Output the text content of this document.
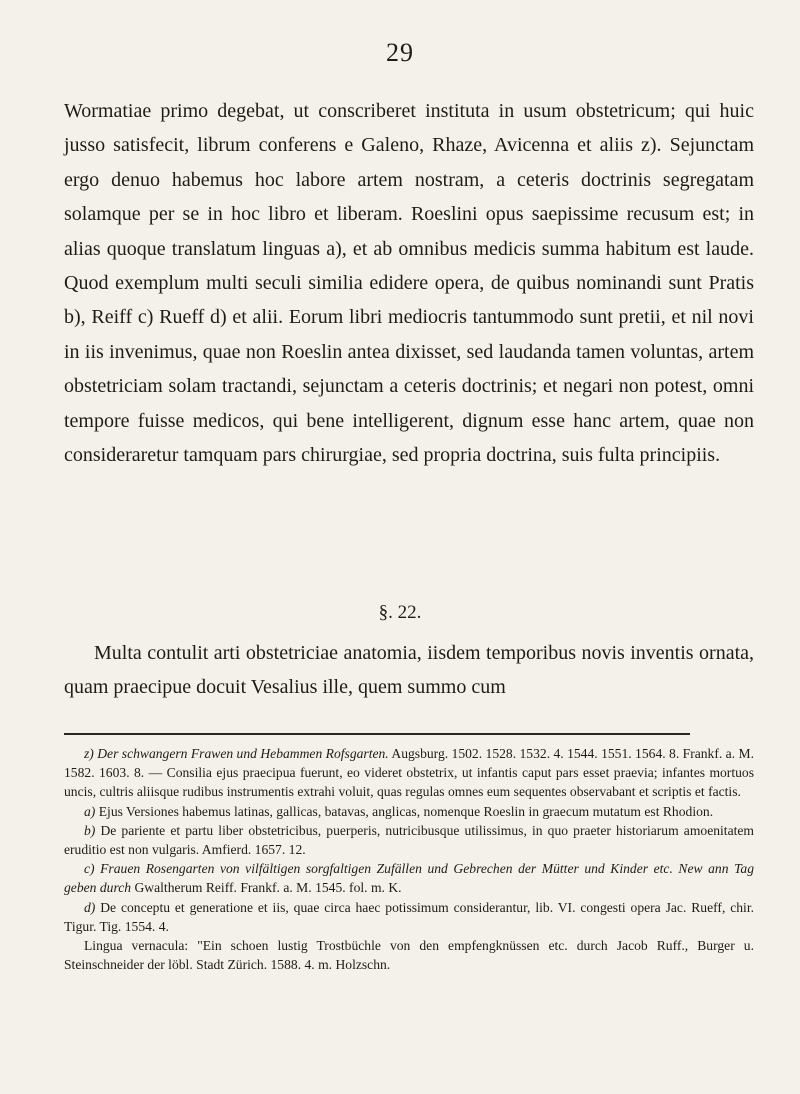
29

Wormatiae primo degebat, ut conscriberet instituta in usum obstetricum; qui huic jusso satisfecit, librum conferens e Galeno, Rhaze, Avicenna et aliis z). Sejunctam ergo denuo habemus hoc labore artem nostram, a ceteris doctrinis segregatam solamque per se in hoc libro et liberam. Roeslini opus saepissime recusum est; in alias quoque translatum linguas a), et ab omnibus medicis summa habitum est laude. Quod exemplum multi seculi similia edidere opera, de quibus nominandi sunt Pratis b), Reiff c) Rueff d) et alii. Eorum libri mediocris tantummodo sunt pretii, et nil novi in iis invenimus, quae non Roeslin antea dixisset, sed laudanda tamen voluntas, artem obstetriciam solam tractandi, sejunctam a ceteris doctrinis; et negari non potest, omni tempore fuisse medicos, qui bene intelligerent, dignum esse hanc artem, quae non consideraretur tamquam pars chirurgiae, sed propria doctrina, suis fulta principiis.

§. 22.
Multa contulit arti obstetriciae anatomia, iisdem temporibus novis inventis ornata, quam praecipue docuit Vesalius ille, quem summo cum

z) Der schwangern Frawen und Hebammen Rofsgarten. Augsburg. 1502. 1528. 1532. 4. 1544. 1551. 1564. 8. Frankf. a. M. 1582. 1603. 8. — Consilia ejus praecipua fuerunt, eo videret obstetrix, ut infantis caput pars esset praevia; infantes mortuos uncis, cultris aliisque rudibus instrumentis extrahi voluit, quas regulas omnes eum sequentes observabant et scriptis et factis.

a) Ejus Versiones habemus latinas, gallicas, batavas, anglicas, nomenque Roeslin in graecum mutatum est Rhodion.

b) De pariente et partu liber obstetricibus, puerperis, nutricibusque utilissimus, in quo praeter historiarum amoenitatem eruditio est non vulgaris. Amfierd. 1657. 12.

c) Frauen Rosengarten von vilfältigen sorgfaltigen Zufällen und Gebrechen der Mütter und Kinder etc. New ann Tag geben durch Gwaltherum Reiff. Frankf. a. M. 1545. fol. m. K.

d) De conceptu et generatione et iis, quae circa haec potissimum considerantur, lib. VI. congesti opera Jac. Rueff, chir. Tigur. Tig. 1554. 4.

Lingua vernacula: "Ein schoen lustig Trostbüchle von den empfengknüssen etc. durch Jacob Ruff., Burger u. Steinschneider der löbl. Stadt Zürich. 1588. 4. m. Holzschn.
